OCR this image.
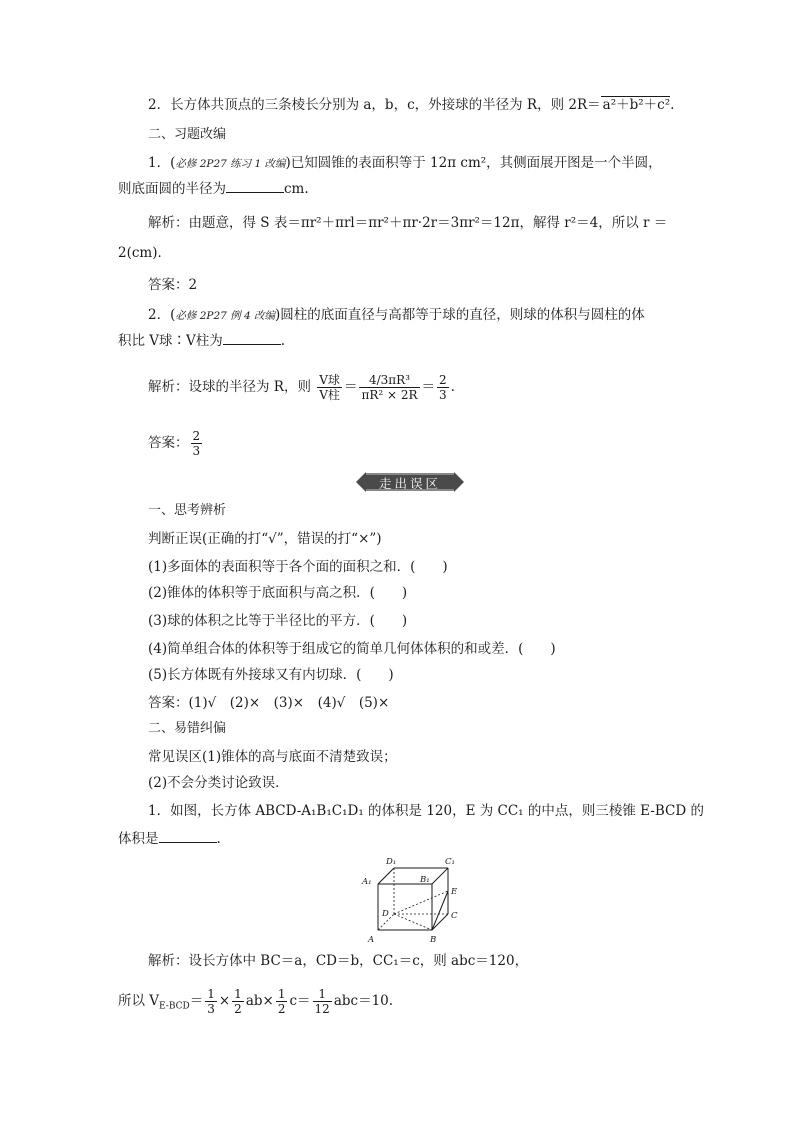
2．长方体共顶点的三条棱长分别为 a，b，c，外接球的半径为 R，则 2R＝ a²＋b²＋c².
二、习题改编
1．(必修 2P27 练习 1 改编)已知圆锥的表面积等于 12π cm²，其侧面展开图是一个半圆，
则底面圆的半径为	cm.
解析：由题意，得 S 表＝πr²＋πrl＝πr²＋πr·2r＝3πr²＝12π，解得 r²＝4，所以 r ＝
2(cm)．
答案：2
2．(必修 2P27 例 4 改编)圆柱的底面直径与高都等于球的直径，则球的体积与圆柱的体
积比 V球∶V柱为	.
解析：设球的半径为 R，则 $\frac{\text{V球}}{\text{V柱}} = \frac{\text{4/3πR³}}{\text{πR² × 2R}} = \frac{2}{3}$ .
答案： $\frac{2}{3}$
走出误区
一、思考辨析
判断正误(正确的打“√”，错误的打“×”)
(1)多面体的表面积等于各个面的面积之和．(　　)
(2)锥体的体积等于底面积与高之积．(　　)
(3)球的体积之比等于半径比的平方．(　　)
(4)简单组合体的体积等于组成它的简单几何体体积的和或差．(　　)
(5)长方体既有外接球又有内切球．(　　)
答案：(1)√　(2)×　(3)×　(4)√　(5)×
二、易错纠偏
常见误区(1)锥体的高与底面不清楚致误；
(2)不会分类讨论致误．
1．如图，长方体 ABCD-A₁B₁C₁D₁ 的体积是 120，E 为 CC₁ 的中点，则三棱锥 E-BCD 的
体积是	.
D₁	C₁
A₁	B₁
E
D	C
A	B
解析：设长方体中 BC＝a，CD＝b，CC₁＝c，则 abc＝120，
所以 $V_{E-BCD}= \frac{1}{3} \times \frac{1}{2} ab\times \frac{1}{2} c= \frac{1}{12} abc=10$.
